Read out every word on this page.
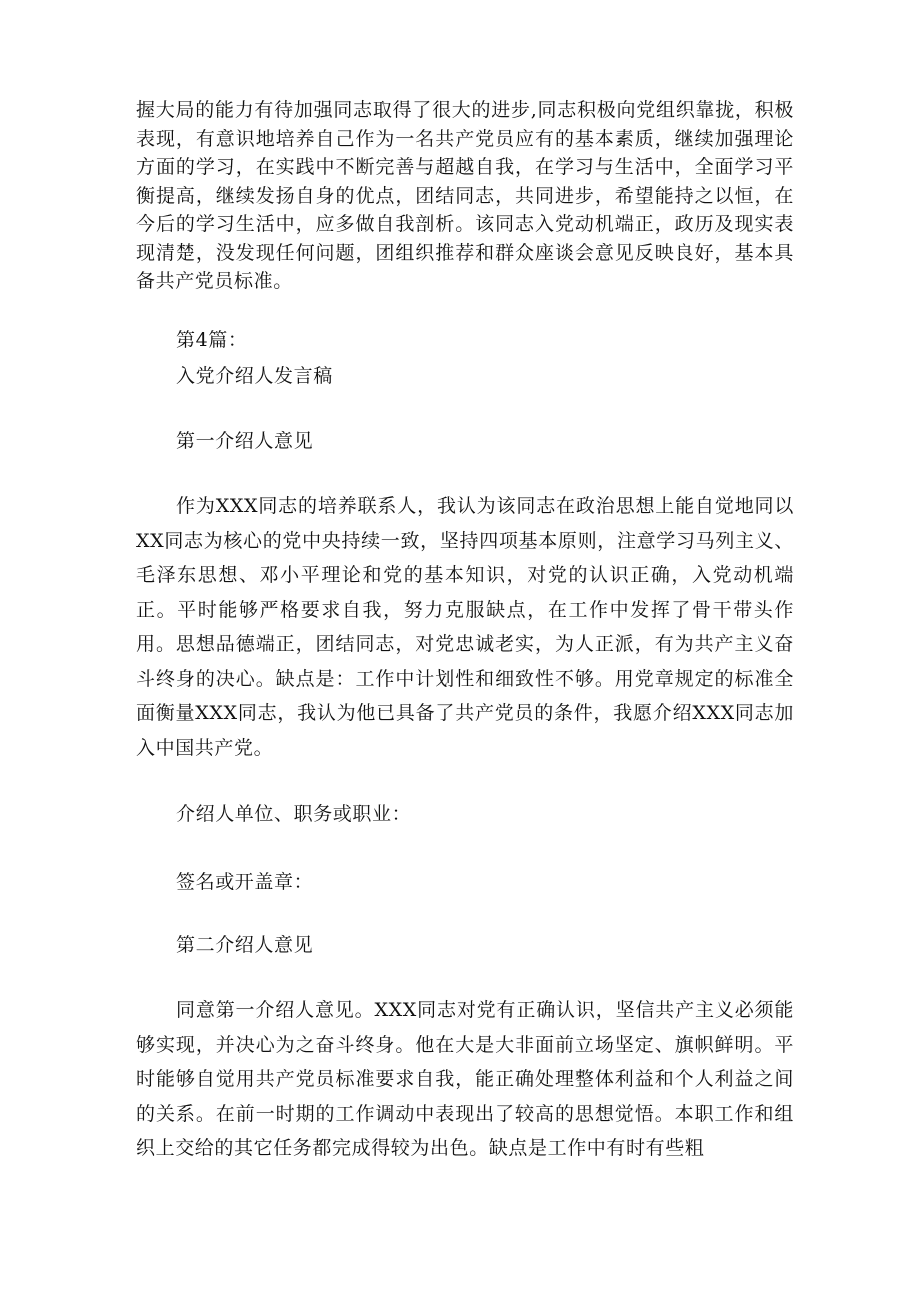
握大局的能力有待加强同志取得了很大的进步,同志积极向党组织靠拢，积极表现，有意识地培养自己作为一名共产党员应有的基本素质，继续加强理论方面的学习，在实践中不断完善与超越自我，在学习与生活中，全面学习平衡提高，继续发扬自身的优点，团结同志，共同进步，希望能持之以恒，在今后的学习生活中，应多做自我剖析。该同志入党动机端正，政历及现实表现清楚，没发现任何问题，团组织推荐和群众座谈会意见反映良好，基本具备共产党员标准。

第4篇：
入党介绍人发言稿
第一介绍人意见

作为XXX同志的培养联系人，我认为该同志在政治思想上能自觉地同以XX同志为核心的党中央持续一致，坚持四项基本原则，注意学习马列主义、毛泽东思想、邓小平理论和党的基本知识，对党的认识正确，入党动机端正。平时能够严格要求自我，努力克服缺点，在工作中发挥了骨干带头作用。思想品德端正，团结同志，对党忠诚老实，为人正派，有为共产主义奋斗终身的决心。缺点是：工作中计划性和细致性不够。用党章规定的标准全面衡量XXX同志，我认为他已具备了共产党员的条件，我愿介绍XXX同志加入中国共产党。

介绍人单位、职务或职业：
签名或开盖章：
第二介绍人意见

同意第一介绍人意见。XXX同志对党有正确认识，坚信共产主义必须能够实现，并决心为之奋斗终身。他在大是大非面前立场坚定、旗帜鲜明。平时能够自觉用共产党员标准要求自我，能正确处理整体利益和个人利益之间的关系。在前一时期的工作调动中表现出了较高的思想觉悟。本职工作和组织上交给的其它任务都完成得较为出色。缺点是工作中有时有些粗
